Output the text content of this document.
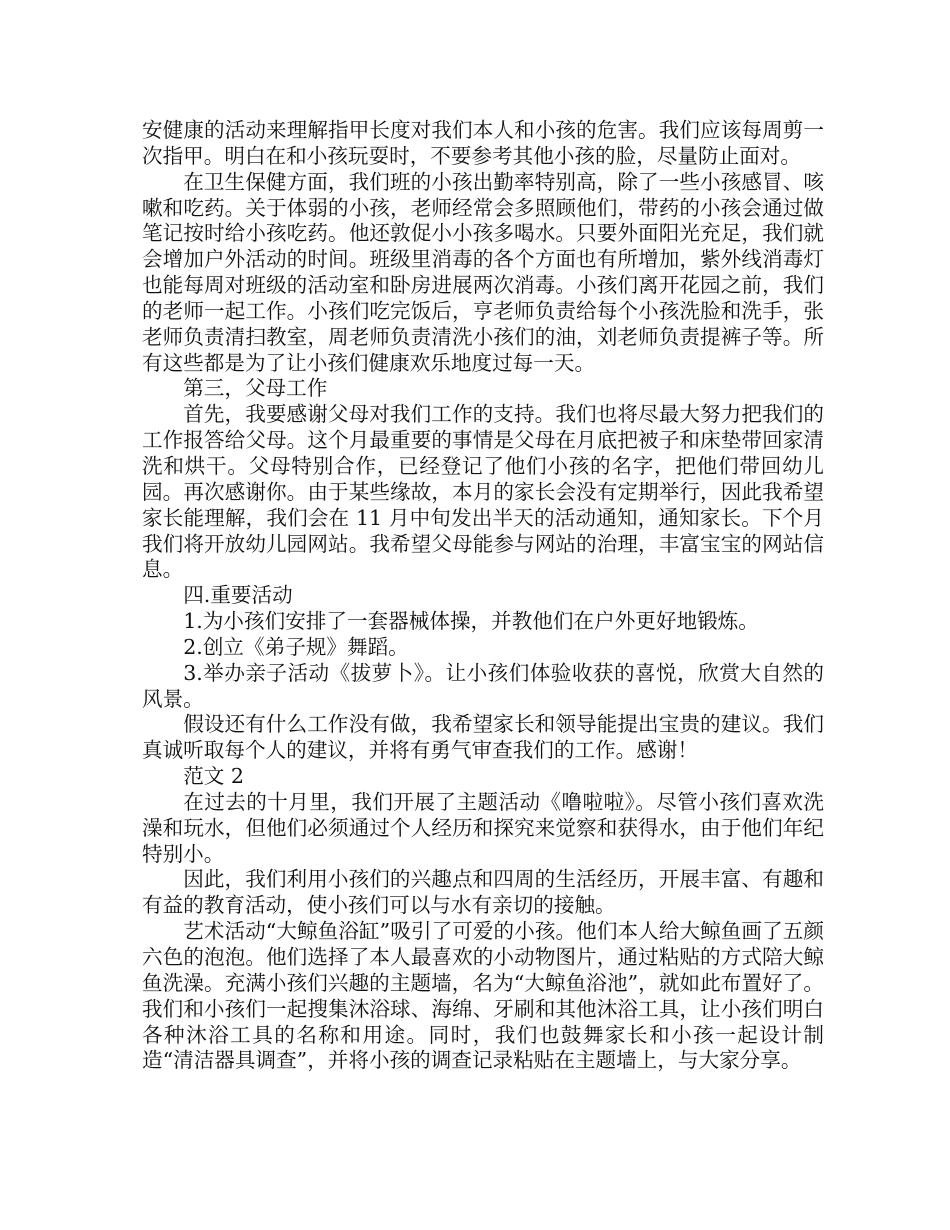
安健康的活动来理解指甲长度对我们本人和小孩的危害。我们应该每周剪一次指甲。明白在和小孩玩耍时，不要参考其他小孩的脸，尽量防止面对。

在卫生保健方面，我们班的小孩出勤率特别高，除了一些小孩感冒、咳嗽和吃药。关于体弱的小孩，老师经常会多照顾他们，带药的小孩会通过做笔记按时给小孩吃药。他还敦促小小孩多喝水。只要外面阳光充足，我们就会增加户外活动的时间。班级里消毒的各个方面也有所增加，紫外线消毒灯也能每周对班级的活动室和卧房进展两次消毒。小孩们离开花园之前，我们的老师一起工作。小孩们吃完饭后，亨老师负责给每个小孩洗脸和洗手，张老师负责清扫教室，周老师负责清洗小孩们的油，刘老师负责提裤子等。所有这些都是为了让小孩们健康欢乐地度过每一天。

第三，父母工作

首先，我要感谢父母对我们工作的支持。我们也将尽最大努力把我们的工作报答给父母。这个月最重要的事情是父母在月底把被子和床垫带回家清洗和烘干。父母特别合作，已经登记了他们小孩的名字，把他们带回幼儿园。再次感谢你。由于某些缘故，本月的家长会没有定期举行，因此我希望家长能理解，我们会在 11 月中旬发出半天的活动通知，通知家长。下个月我们将开放幼儿园网站。我希望父母能参与网站的治理，丰富宝宝的网站信息。

四.重要活动

1.为小孩们安排了一套器械体操，并教他们在户外更好地锻炼。

2.创立《弟子规》舞蹈。

3.举办亲子活动《拔萝卜》。让小孩们体验收获的喜悦，欣赏大自然的风景。

假设还有什么工作没有做，我希望家长和领导能提出宝贵的建议。我们真诚听取每个人的建议，并将有勇气审查我们的工作。感谢！

范文 2

在过去的十月里，我们开展了主题活动《噜啦啦》。尽管小孩们喜欢洗澡和玩水，但他们必须通过个人经历和探究来觉察和获得水，由于他们年纪特别小。

因此，我们利用小孩们的兴趣点和四周的生活经历，开展丰富、有趣和有益的教育活动，使小孩们可以与水有亲切的接触。

艺术活动“大鲸鱼浴缸”吸引了可爱的小孩。他们本人给大鲸鱼画了五颜六色的泡泡。他们选择了本人最喜欢的小动物图片，通过粘贴的方式陪大鲸鱼洗澡。充满小孩们兴趣的主题墙，名为“大鲸鱼浴池”，就如此布置好了。我们和小孩们一起搜集沐浴球、海绵、牙刷和其他沐浴工具，让小孩们明白各种沐浴工具的名称和用途。同时，我们也鼓舞家长和小孩一起设计制造“清洁器具调查”，并将小孩的调查记录粘贴在主题墙上，与大家分享。
